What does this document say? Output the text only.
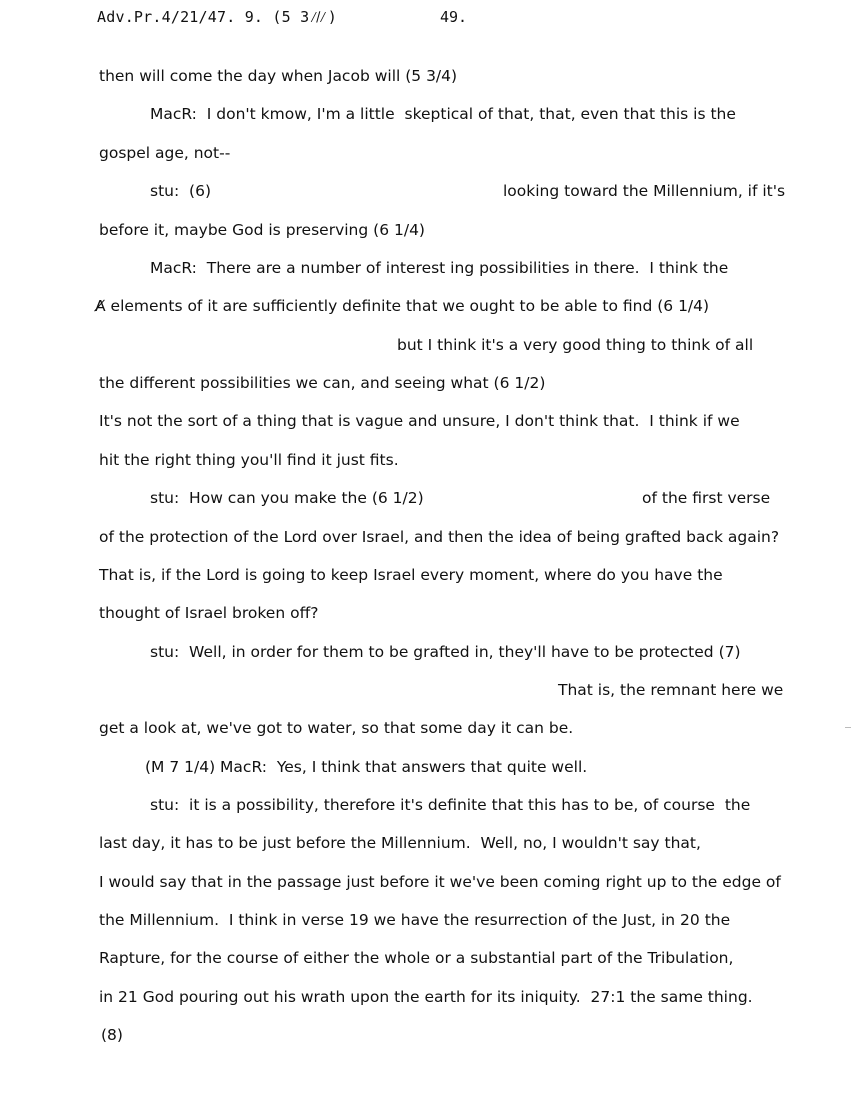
Adv.Pr.4/21/47. 9. (5 3⁄̸⁄)	49.
then will come the day when Jacob will (5 3/4)
MacR:  I don't kmow, I'm a little  skeptical of that, that, even that this is the
gospel age, not--
stu:  (6)	looking toward the Millennium, if it's
before it, maybe God is preserving (6 1/4)
MacR:  There are a number of interest ing possibilities in there.  I think the
A̸ elements of it are sufficiently definite that we ought to be able to find (6 1/4)
but I think it's a very good thing to think of all
the different possibilities we can, and seeing what (6 1/2)
It's not the sort of a thing that is vague and unsure, I don't think that.  I think if we
hit the right thing you'll find it just fits.
stu:  How can you make the (6 1/2)	of the first verse
of the protection of the Lord over Israel, and then the idea of being grafted back again?
That is, if the Lord is going to keep Israel every moment, where do you have the
thought of Israel broken off?
stu:  Well, in order for them to be grafted in, they'll have to be protected (7)
That is, the remnant here we
get a look at, we've got to water, so that some day it can be.
(M 7 1/4) MacR:  Yes, I think that answers that quite well.
stu:  it is a possibility, therefore it's definite that this has to be, of course  the
last day, it has to be just before the Millennium.  Well, no, I wouldn't say that,
I would say that in the passage just before it we've been coming right up to the edge of
the Millennium.  I think in verse 19 we have the resurrection of the Just, in 20 the
Rapture, for the course of either the whole or a substantial part of the Tribulation,
in 21 God pouring out his wrath upon the earth for its iniquity.  27:1 the same thing.
(8)
